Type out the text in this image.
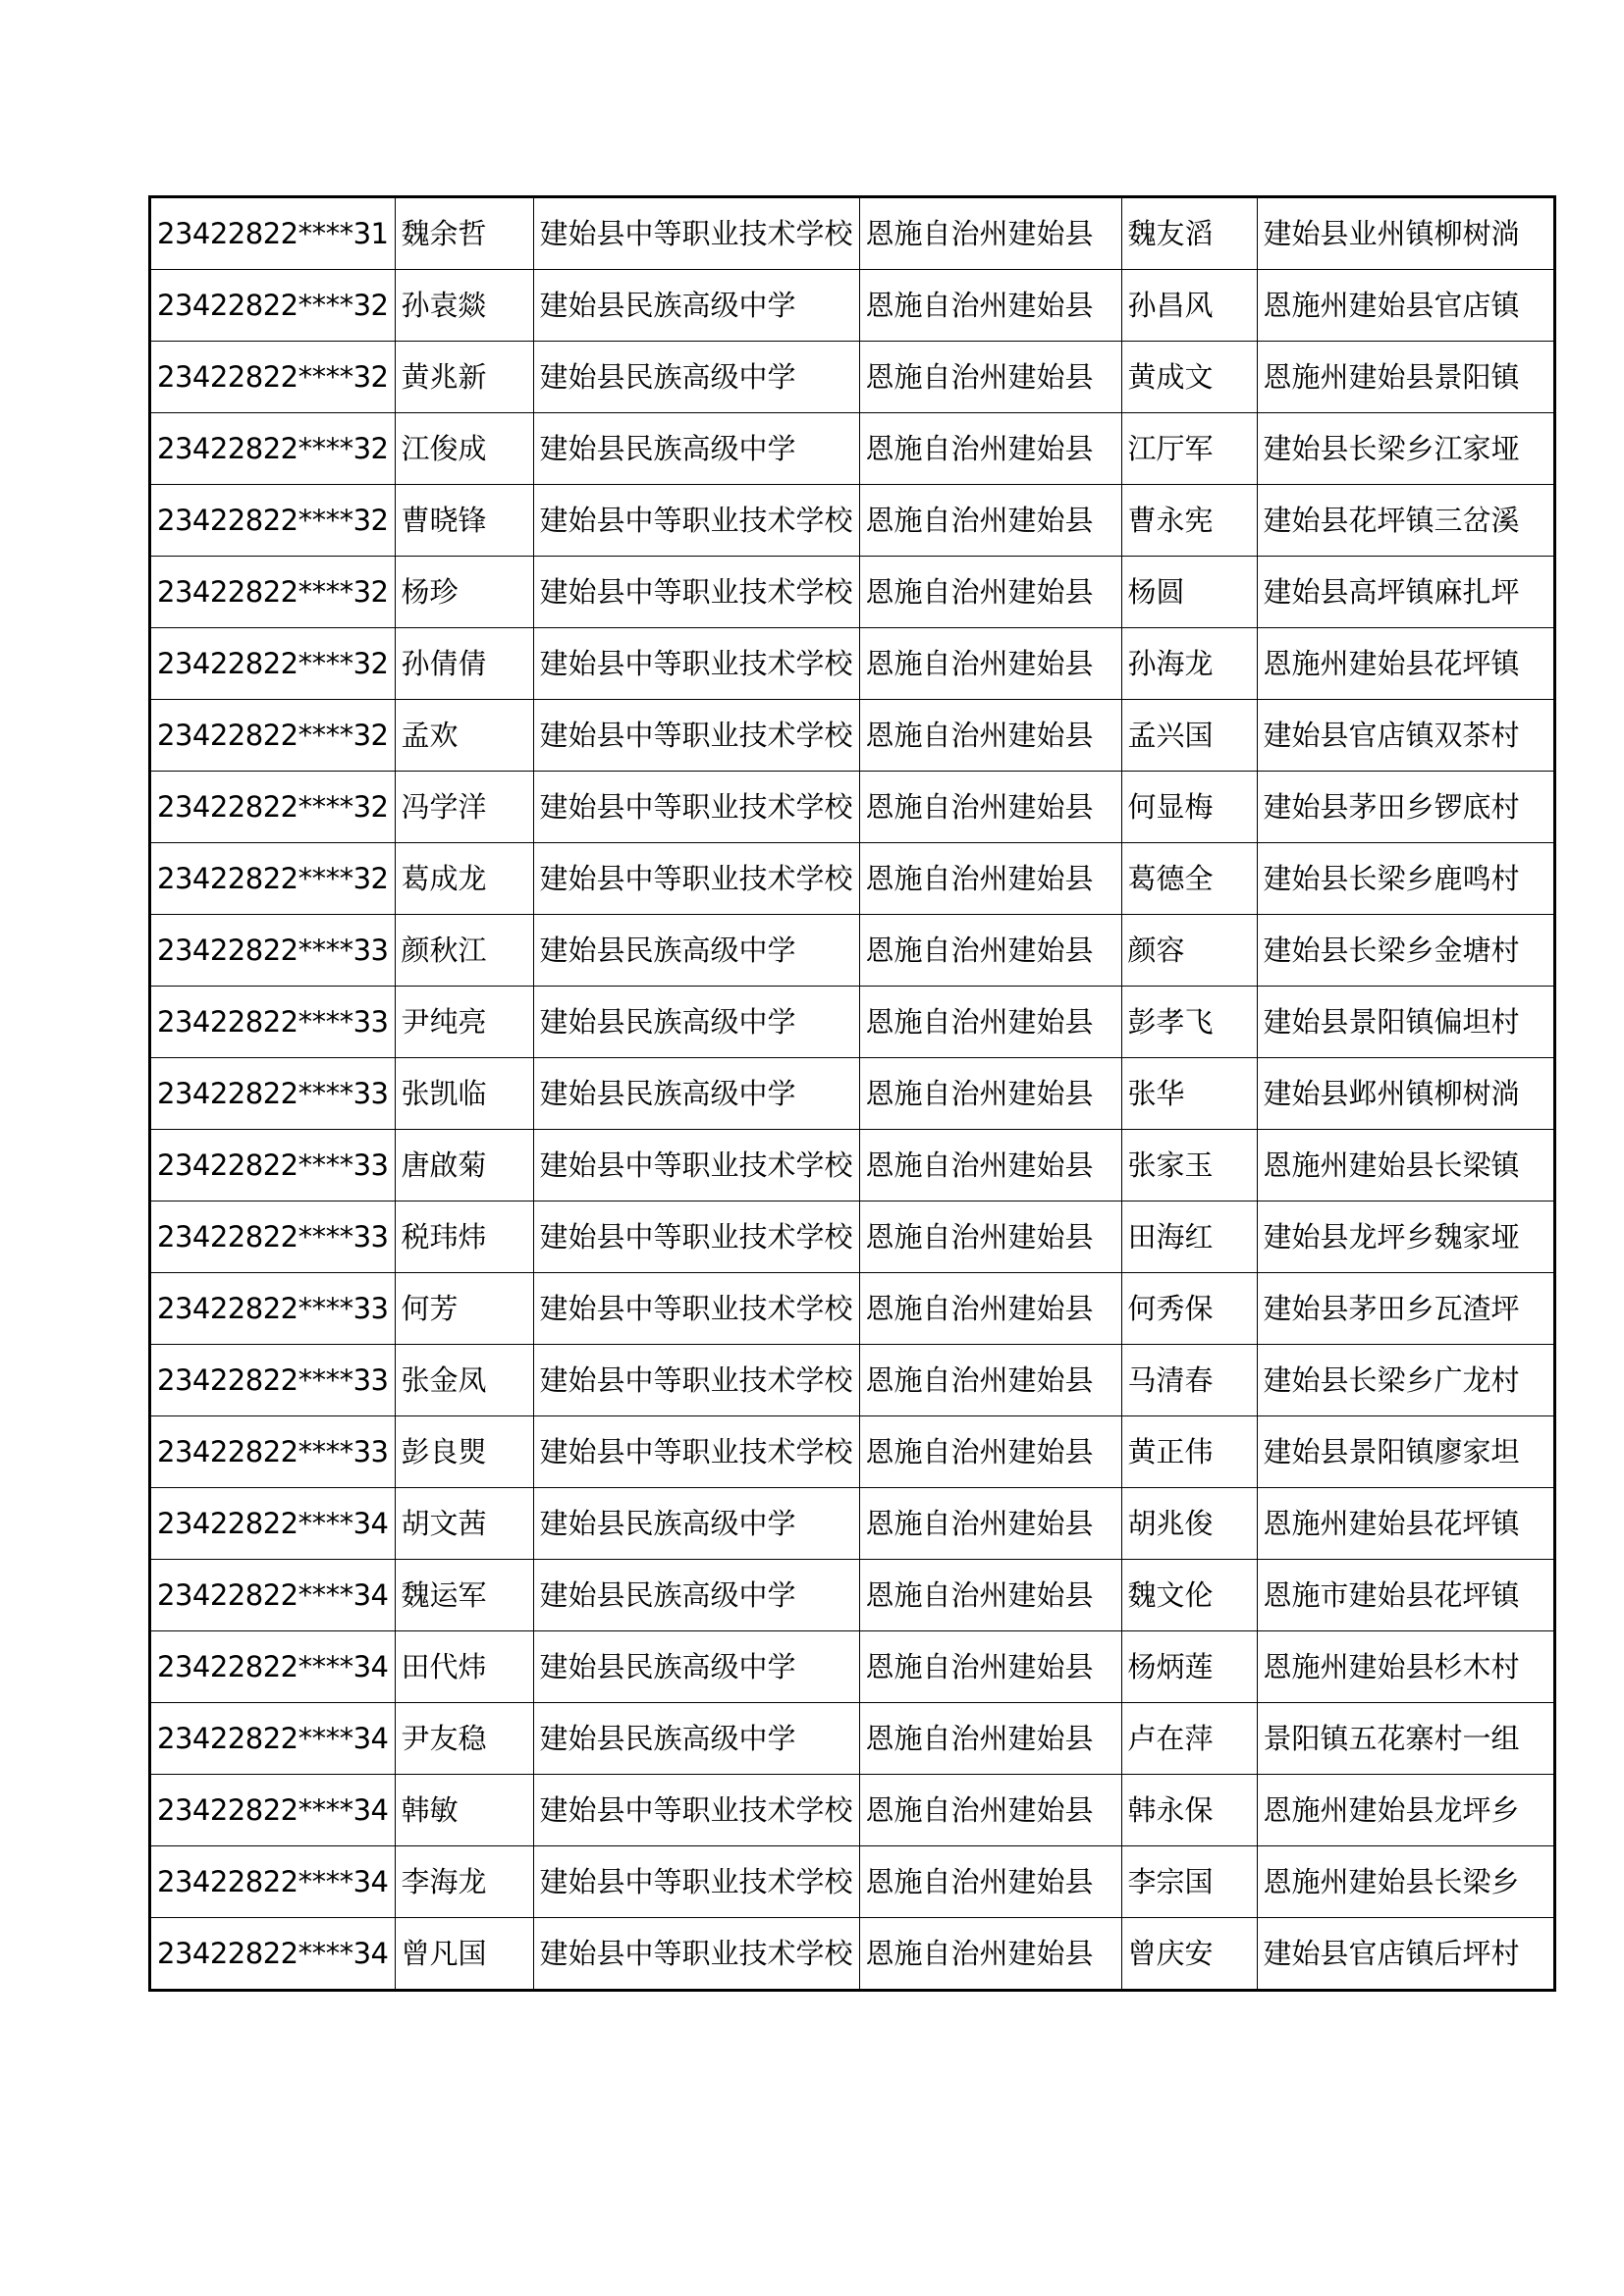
23422822****31	魏余哲	建始县中等职业技术学校	恩施自治州建始县	魏友滔	建始县业州镇柳树淌
23422822****32	孙袁燚	建始县民族高级中学	恩施自治州建始县	孙昌风	恩施州建始县官店镇
23422822****32	黄兆新	建始县民族高级中学	恩施自治州建始县	黄成文	恩施州建始县景阳镇
23422822****32	江俊成	建始县民族高级中学	恩施自治州建始县	江厅军	建始县长梁乡江家垭
23422822****32	曹晓锋	建始县中等职业技术学校	恩施自治州建始县	曹永宪	建始县花坪镇三岔溪
23422822****32	杨珍	建始县中等职业技术学校	恩施自治州建始县	杨圆	建始县高坪镇麻扎坪
23422822****32	孙倩倩	建始县中等职业技术学校	恩施自治州建始县	孙海龙	恩施州建始县花坪镇
23422822****32	孟欢	建始县中等职业技术学校	恩施自治州建始县	孟兴国	建始县官店镇双茶村
23422822****32	冯学洋	建始县中等职业技术学校	恩施自治州建始县	何显梅	建始县茅田乡锣底村
23422822****32	葛成龙	建始县中等职业技术学校	恩施自治州建始县	葛德全	建始县长梁乡鹿鸣村
23422822****33	颜秋江	建始县民族高级中学	恩施自治州建始县	颜容	建始县长梁乡金塘村
23422822****33	尹纯亮	建始县民族高级中学	恩施自治州建始县	彭孝飞	建始县景阳镇偏坦村
23422822****33	张凯临	建始县民族高级中学	恩施自治州建始县	张华	建始县邺州镇柳树淌
23422822****33	唐啟菊	建始县中等职业技术学校	恩施自治州建始县	张家玉	恩施州建始县长梁镇
23422822****33	税玮炜	建始县中等职业技术学校	恩施自治州建始县	田海红	建始县龙坪乡魏家垭
23422822****33	何芳	建始县中等职业技术学校	恩施自治州建始县	何秀保	建始县茅田乡瓦渣坪
23422822****33	张金凤	建始县中等职业技术学校	恩施自治州建始县	马清春	建始县长梁乡广龙村
23422822****33	彭良煛	建始县中等职业技术学校	恩施自治州建始县	黄正伟	建始县景阳镇廖家坦
23422822****34	胡文茜	建始县民族高级中学	恩施自治州建始县	胡兆俊	恩施州建始县花坪镇
23422822****34	魏运军	建始县民族高级中学	恩施自治州建始县	魏文伦	恩施市建始县花坪镇
23422822****34	田代炜	建始县民族高级中学	恩施自治州建始县	杨炳莲	恩施州建始县杉木村
23422822****34	尹友稳	建始县民族高级中学	恩施自治州建始县	卢在萍	景阳镇五花寨村一组
23422822****34	韩敏	建始县中等职业技术学校	恩施自治州建始县	韩永保	恩施州建始县龙坪乡
23422822****34	李海龙	建始县中等职业技术学校	恩施自治州建始县	李宗国	恩施州建始县长梁乡
23422822****34	曾凡国	建始县中等职业技术学校	恩施自治州建始县	曾庆安	建始县官店镇后坪村
